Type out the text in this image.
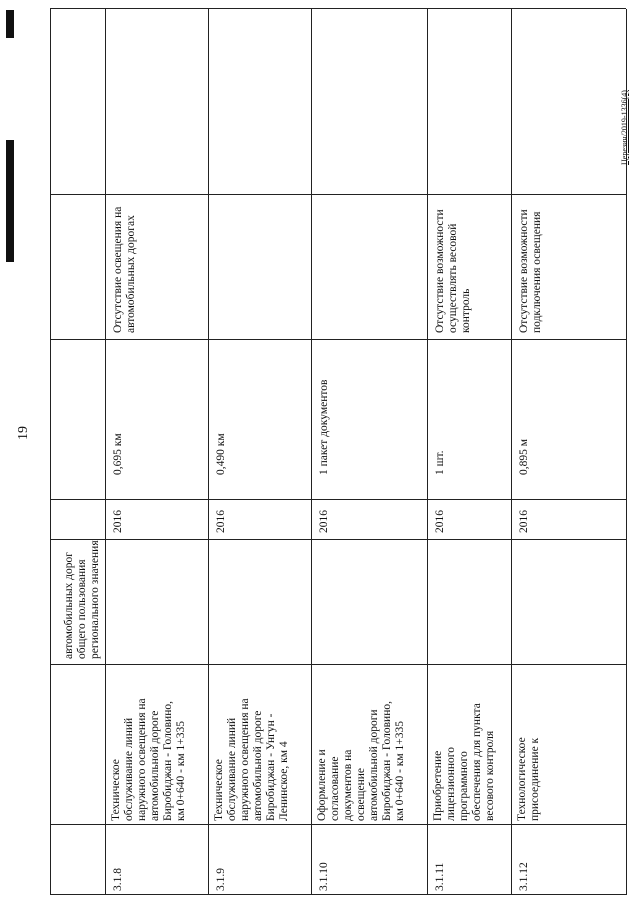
автомобильных дорог общего пользования регионального значения
3.1.8
Техническое обслуживание линий наружного освещения на автомобильной дороге Биробиджан - Головино, км 0+640 - км 1+335
2016
0,695 км
Отсутствие освещения на автомобильных дорогах
3.1.9
Техническое обслуживание линий наружного освещения на автомобильной дороге Биробиджан - Унгун - Ленинское, км 4
2016
0,490 км
3.1.10
Оформление и согласование документов на освещение автомобильной дороги Биробиджан - Головино, км 0+640 - км 1+335
2016
1 пакет документов
3.1.11
Приобретение лицензионного программного обеспечения для пункта весового контроля
2016
1 шт.
Отсутствие возможности осуществлять весовой контроль
3.1.12
Технологическое присоединение к
2016
0,895 м
Отсутствие возможности подключения освещения
19
Церезин/2019-1336(4)
